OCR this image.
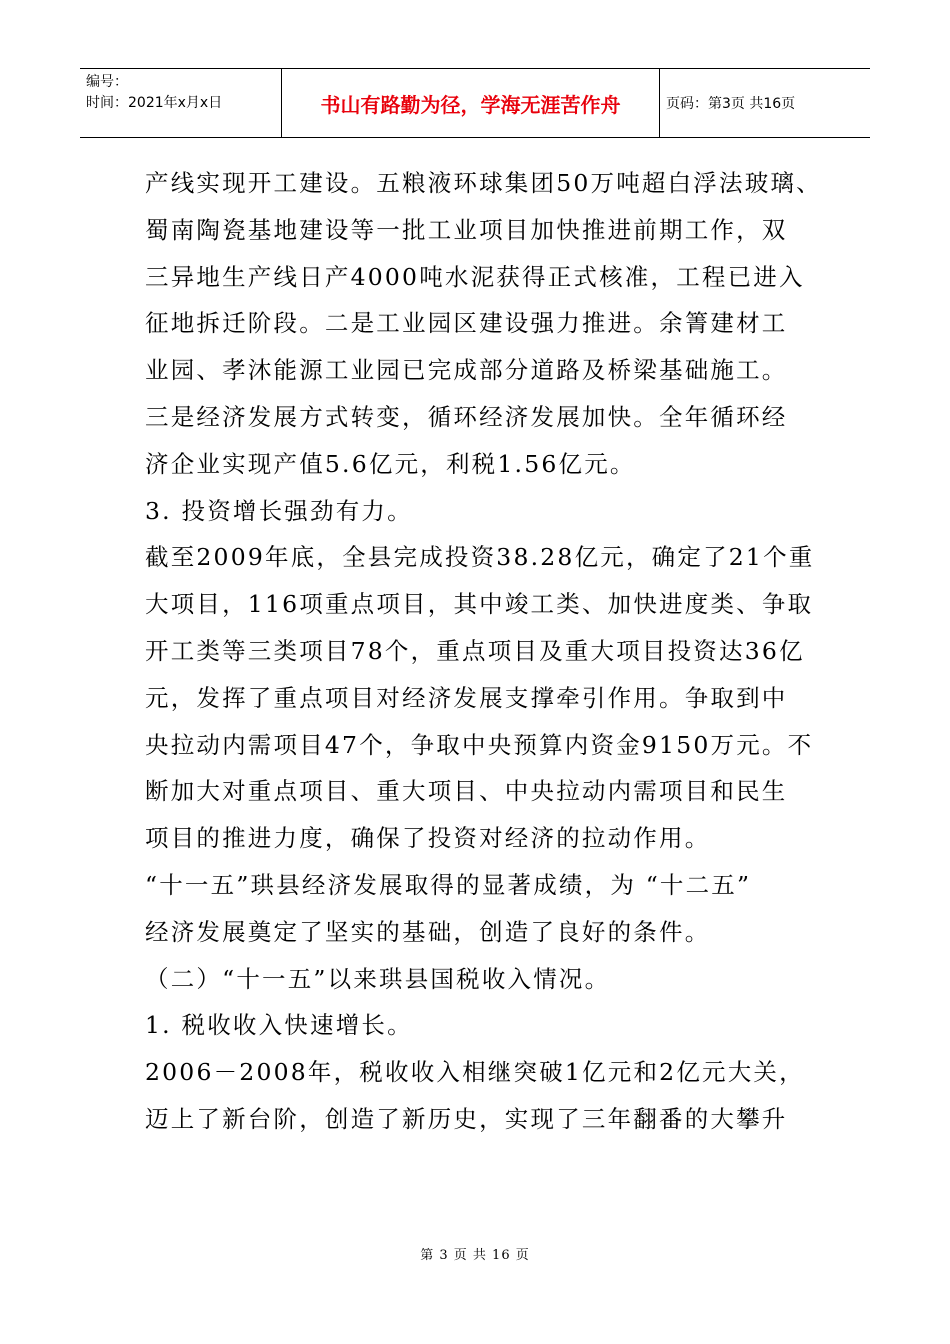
编号：
时间：2021年x月x日	书山有路勤为径，学海无涯苦作舟	页码：第3页 共16页
产线实现开工建设。五粮液环球集团50万吨超白浮法玻璃、
蜀南陶瓷基地建设等一批工业项目加快推进前期工作，双
三异地生产线日产4000吨水泥获得正式核准，工程已进入
征地拆迁阶段。二是工业园区建设强力推进。余箐建材工
业园、孝沐能源工业园已完成部分道路及桥梁基础施工。
三是经济发展方式转变，循环经济发展加快。全年循环经
济企业实现产值5.6亿元，利税1.56亿元。
3. 投资增长强劲有力。
截至2009年底，全县完成投资38.28亿元，确定了21个重
大项目，116项重点项目，其中竣工类、加快进度类、争取
开工类等三类项目78个，重点项目及重大项目投资达36亿
元，发挥了重点项目对经济发展支撑牵引作用。争取到中
央拉动内需项目47个，争取中央预算内资金9150万元。不
断加大对重点项目、重大项目、中央拉动内需项目和民生
项目的推进力度，确保了投资对经济的拉动作用。
“十一五”珙县经济发展取得的显著成绩，为 “十二五”
经济发展奠定了坚实的基础，创造了良好的条件。
（二）“十一五”以来珙县国税收入情况。
1. 税收收入快速增长。
2006－2008年，税收收入相继突破1亿元和2亿元大关，
迈上了新台阶，创造了新历史，实现了三年翻番的大攀升
第 3 页 共 16 页
